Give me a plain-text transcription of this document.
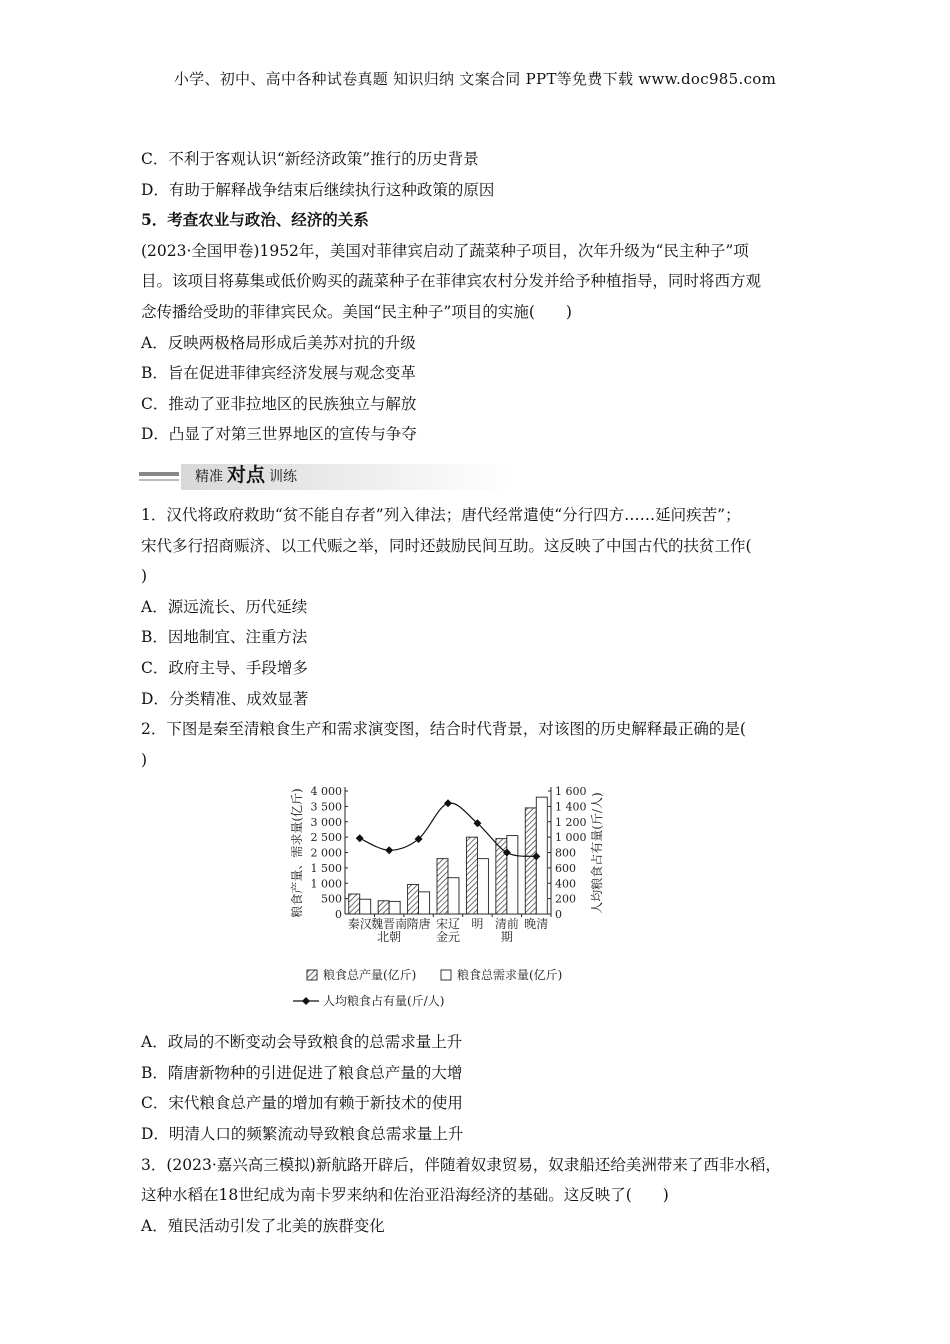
小学、初中、高中各种试卷真题 知识归纳 文案合同 PPT等免费下载 www.doc985.com
C．不利于客观认识“新经济政策”推行的历史背景
D．有助于解释战争结束后继续执行这种政策的原因
5．考查农业与政治、经济的关系
(2023·全国甲卷)1952年，美国对菲律宾启动了蔬菜种子项目，次年升级为“民主种子”项
目。该项目将募集或低价购买的蔬菜种子在菲律宾农村分发并给予种植指导，同时将西方观
念传播给受助的菲律宾民众。美国“民主种子”项目的实施(　　)
A．反映两极格局形成后美苏对抗的升级
B．旨在促进菲律宾经济发展与观念变革
C．推动了亚非拉地区的民族独立与解放
D．凸显了对第三世界地区的宣传与争夺
精准 对点 训练
1．汉代将政府救助“贫不能自存者”列入律法；唐代经常遣使“分行四方……延问疾苦”；
宋代多行招商赈济、以工代赈之举，同时还鼓励民间互助。这反映了中国古代的扶贫工作(
)
A．源远流长、历代延续
B．因地制宜、注重方法
C．政府主导、手段增多
D．分类精准、成效显著
2．下图是秦至清粮食生产和需求演变图，结合时代背景，对该图的历史解释最正确的是(
)
0
500
1 000
1 500
2 000
2 500
3 000
3 500
4 000
0
200
400
600
800
1 000
1 200
1 400
1 600
粮食产量、需求量(亿斤)	人均粮食占有量(斤/人)
秦汉 魏晋南
北朝
隋唐 宋辽
金元
明 清前
期
晚清
粮食总产量(亿斤)	粮食总需求量(亿斤)
人均粮食占有量(斤/人)
A．政局的不断变动会导致粮食的总需求量上升
B．隋唐新物种的引进促进了粮食总产量的大增
C．宋代粮食总产量的增加有赖于新技术的使用
D．明清人口的频繁流动导致粮食总需求量上升
3．(2023·嘉兴高三模拟)新航路开辟后，伴随着奴隶贸易，奴隶船还给美洲带来了西非水稻，
这种水稻在18世纪成为南卡罗来纳和佐治亚沿海经济的基础。这反映了(　　)
A．殖民活动引发了北美的族群变化
